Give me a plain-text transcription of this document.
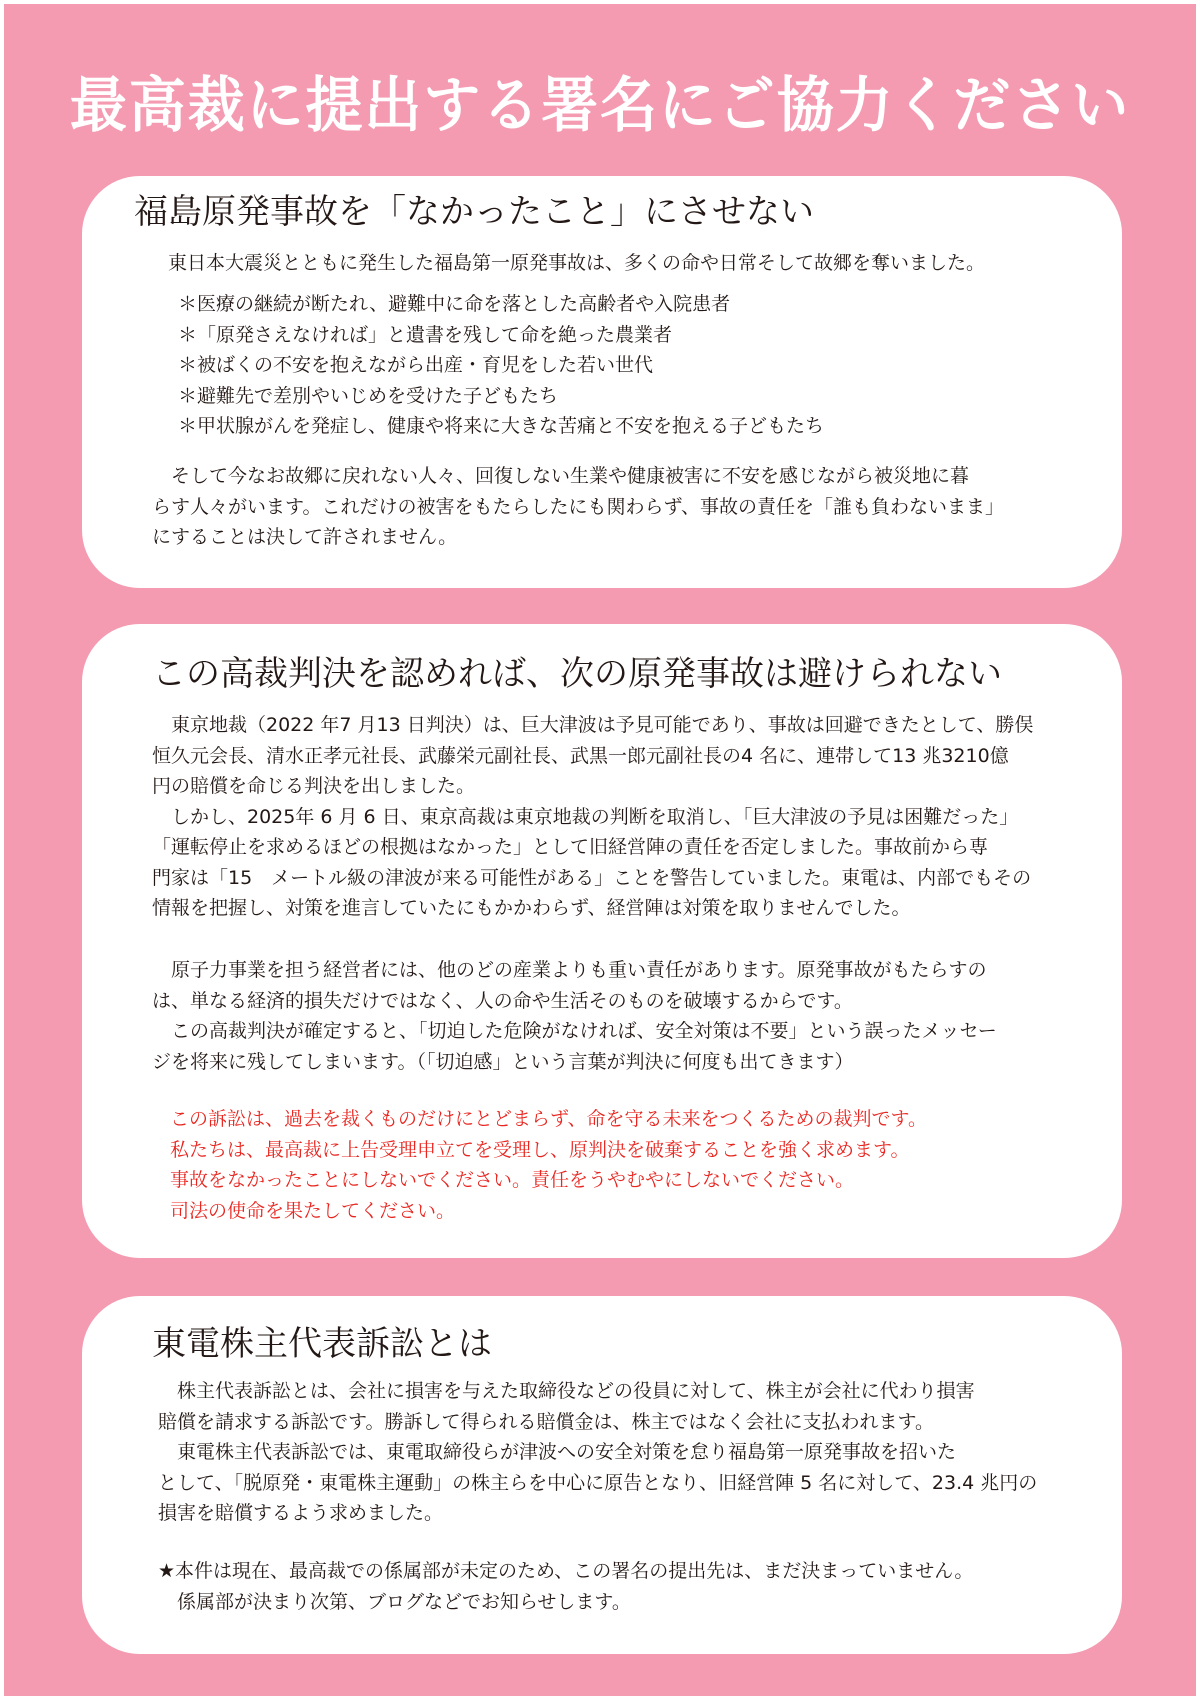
最高裁に提出する署名にご協力ください
福島原発事故を「なかったこと」にさせない
東日本大震災とともに発生した福島第一原発事故は、多くの命や日常そして故郷を奪いました。
＊医療の継続が断たれ、避難中に命を落とした高齢者や入院患者
＊「原発さえなければ」と遺書を残して命を絶った農業者
＊被ばくの不安を抱えながら出産・育児をした若い世代
＊避難先で差別やいじめを受けた子どもたち
＊甲状腺がんを発症し、健康や将来に大きな苦痛と不安を抱える子どもたち
　そして今なお故郷に戻れない人々、回復しない生業や健康被害に不安を感じながら被災地に暮
らす人々がいます。これだけの被害をもたらしたにも関わらず、事故の責任を「誰も負わないまま」
にすることは決して許されません。
この高裁判決を認めれば、次の原発事故は避けられない
　東京地裁（2022 年7 月13 日判決）は、巨大津波は予見可能であり、事故は回避できたとして、勝俣
恒久元会長、清水正孝元社長、武藤栄元副社長、武黒一郎元副社長の4 名に、連帯して13 兆3210億
円の賠償を命じる判決を出しました。
　しかし、2025年 6 月 6 日、東京高裁は東京地裁の判断を取消し、「巨大津波の予見は困難だった」
「運転停止を求めるほどの根拠はなかった」として旧経営陣の責任を否定しました。事故前から専
門家は「15　メートル級の津波が来る可能性がある」ことを警告していました。東電は、内部でもその
情報を把握し、対策を進言していたにもかかわらず、経営陣は対策を取りませんでした。
　原子力事業を担う経営者には、他のどの産業よりも重い責任があります。原発事故がもたらすの
は、単なる経済的損失だけではなく、人の命や生活そのものを破壊するからです。
　この高裁判決が確定すると、「切迫した危険がなければ、安全対策は不要」という誤ったメッセー
ジを将来に残してしまいます。（「切迫感」という言葉が判決に何度も出てきます）
この訴訟は、過去を裁くものだけにとどまらず、命を守る未来をつくるための裁判です。
私たちは、最高裁に上告受理申立てを受理し、原判決を破棄することを強く求めます。
事故をなかったことにしないでください。責任をうやむやにしないでください。
司法の使命を果たしてください。
東電株主代表訴訟とは
　株主代表訴訟とは、会社に損害を与えた取締役などの役員に対して、株主が会社に代わり損害
賠償を請求する訴訟です。勝訴して得られる賠償金は、株主ではなく会社に支払われます。
　東電株主代表訴訟では、東電取締役らが津波への安全対策を怠り福島第一原発事故を招いた
として、「脱原発・東電株主運動」の株主らを中心に原告となり、旧経営陣 5 名に対して、23.4 兆円の
損害を賠償するよう求めました。
★本件は現在、最高裁での係属部が未定のため、この署名の提出先は、まだ決まっていません。
　係属部が決まり次第、ブログなどでお知らせします。
